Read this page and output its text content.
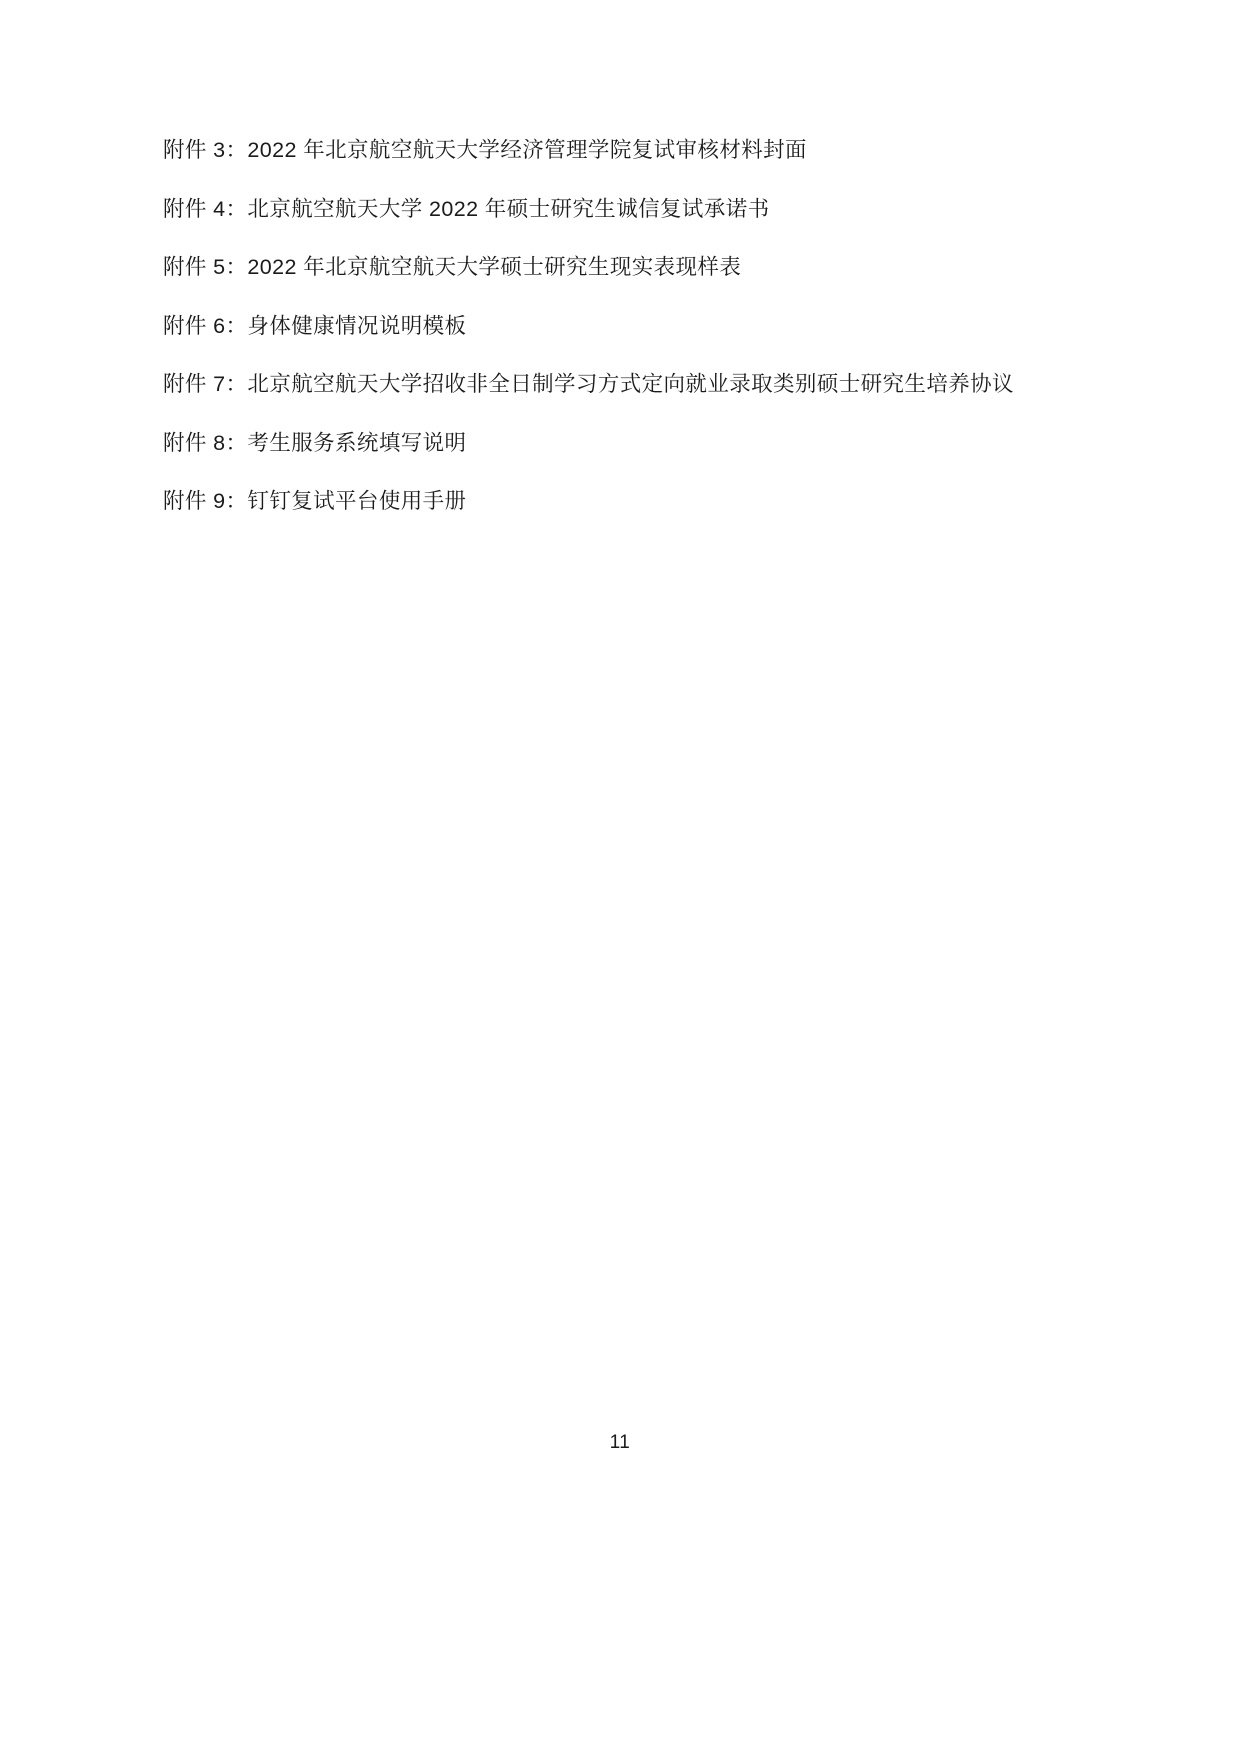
附件 3：2022 年北京航空航天大学经济管理学院复试审核材料封面

附件 4：北京航空航天大学 2022 年硕士研究生诚信复试承诺书

附件 5：2022 年北京航空航天大学硕士研究生现实表现样表

附件 6：身体健康情况说明模板

附件 7：北京航空航天大学招收非全日制学习方式定向就业录取类别硕士研究生培养协议

附件 8：考生服务系统填写说明

附件 9：钉钉复试平台使用手册

11
